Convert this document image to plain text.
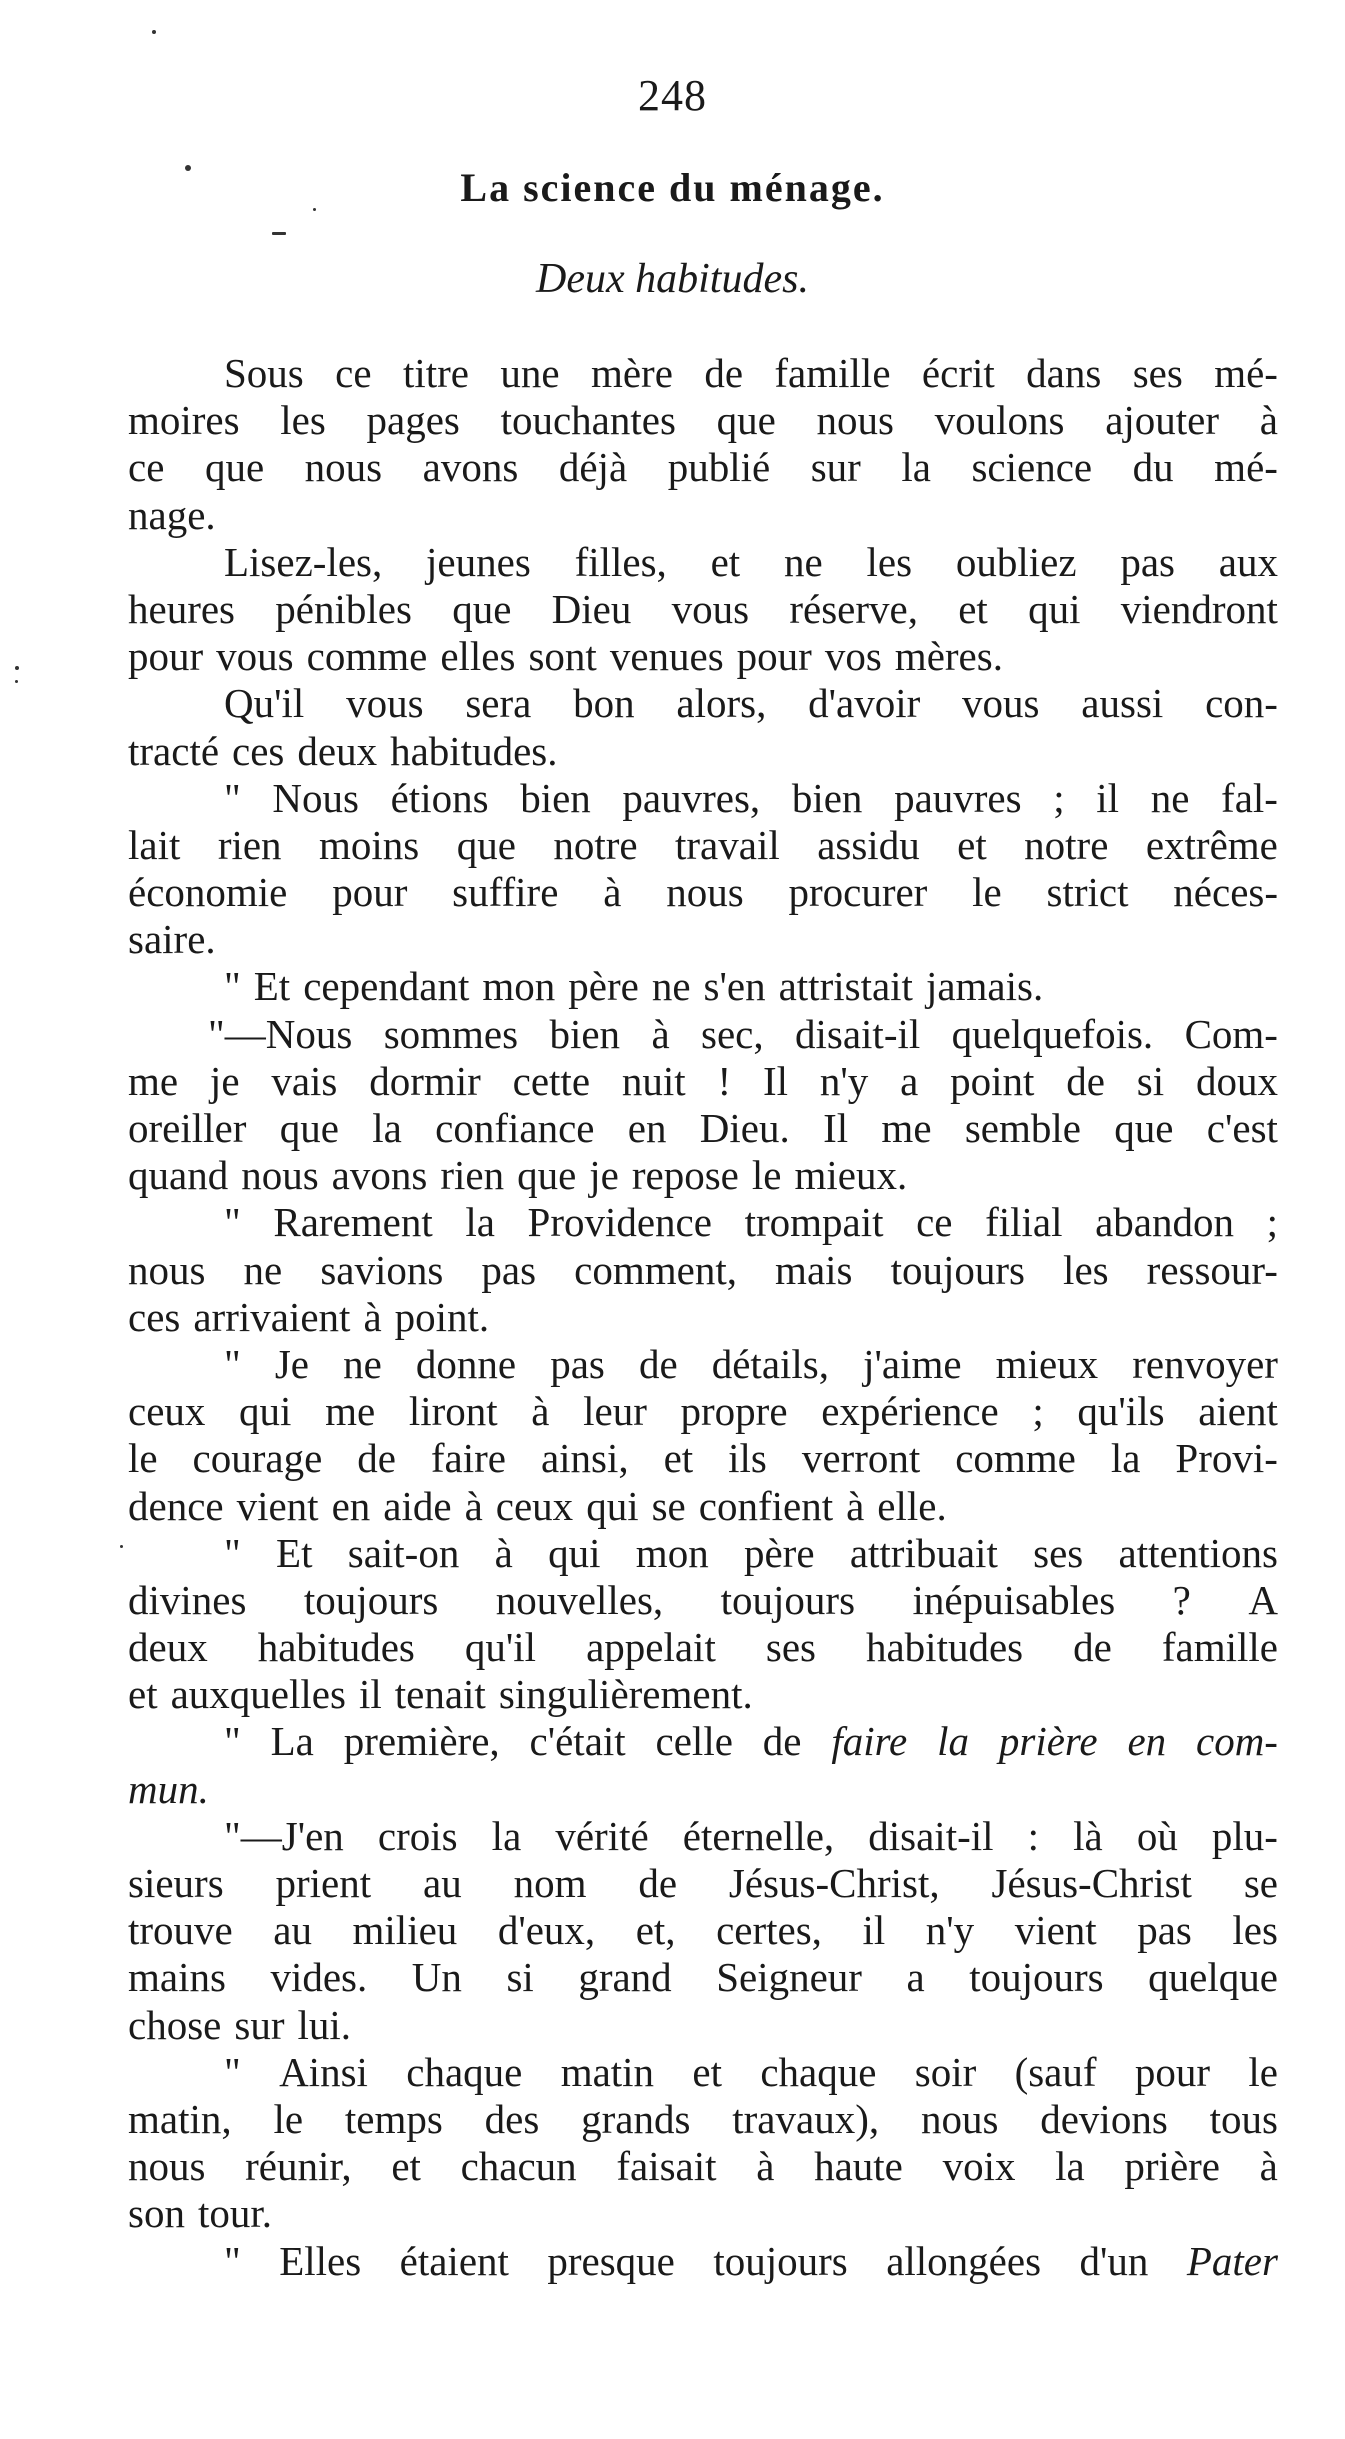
248
La science du ménage.
Deux habitudes.
Sous ce titre une mère de famille écrit dans ses mé-
moires les pages touchantes que nous voulons ajouter à
ce que nous avons déjà publié sur la science du mé-
nage.
Lisez-les, jeunes filles, et ne les oubliez pas aux
heures pénibles que Dieu vous réserve, et qui viendront
pour vous comme elles sont venues pour vos mères.
Qu'il vous sera bon alors, d'avoir vous aussi con-
tracté ces deux habitudes.
" Nous étions bien pauvres, bien pauvres ; il ne fal-
lait rien moins que notre travail assidu et notre extrême
économie pour suffire à nous procurer le strict néces-
saire.
" Et cependant mon père ne s'en attristait jamais.
"—Nous sommes bien à sec, disait-il quelquefois. Com-
me je vais dormir cette nuit ! Il n'y a point de si doux
oreiller que la confiance en Dieu. Il me semble que c'est
quand nous avons rien que je repose le mieux.
" Rarement la Providence trompait ce filial abandon ;
nous ne savions pas comment, mais toujours les ressour-
ces arrivaient à point.
" Je ne donne pas de détails, j'aime mieux renvoyer
ceux qui me liront à leur propre expérience ; qu'ils aient
le courage de faire ainsi, et ils verront comme la Provi-
dence vient en aide à ceux qui se confient à elle.
" Et sait-on à qui mon père attribuait ses attentions
divines toujours nouvelles, toujours inépuisables ? A
deux habitudes qu'il appelait ses habitudes de famille
et auxquelles il tenait singulièrement.
" La première, c'était celle de faire la prière en com-
mun.
"—J'en crois la vérité éternelle, disait-il : là où plu-
sieurs prient au nom de Jésus-Christ, Jésus-Christ se
trouve au milieu d'eux, et, certes, il n'y vient pas les
mains vides. Un si grand Seigneur a toujours quelque
chose sur lui.
" Ainsi chaque matin et chaque soir (sauf pour le
matin, le temps des grands travaux), nous devions tous
nous réunir, et chacun faisait à haute voix la prière à
son tour.
" Elles étaient presque toujours allongées d'un Pater
